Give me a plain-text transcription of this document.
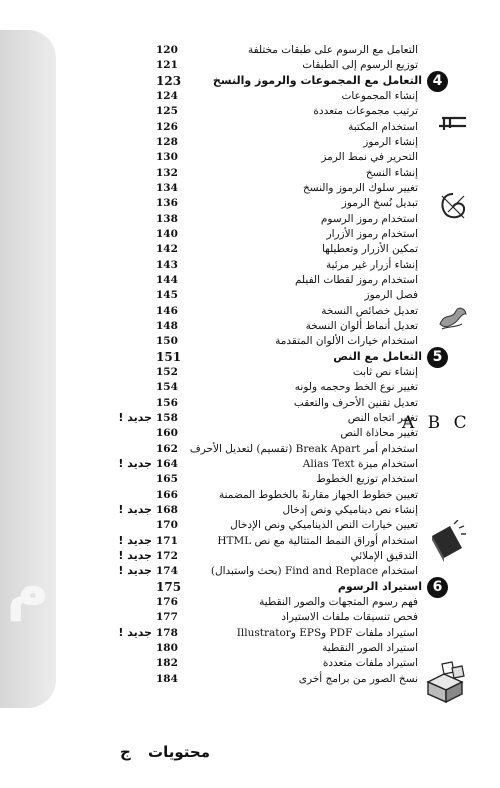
م
التعامل مع الرسوم على طبقات مختلفة
120
توزيع الرسوم إلى الطبقات
121
4
التعامل مع المجموعات والرموز والنسخ
123
إنشاء المجموعات
124
ترتيب مجموعات متعددة
125
استخدام المكتبة
126
إنشاء الرموز
128
التحرير في نمط الرمز
130
إنشاء النسخ
132
تغيير سلوك الرموز والنسخ
134
تبديل نُسخ الرموز
136
استخدام رموز الرسوم
138
استخدام رموز الأزرار
140
تمكين الأزرار وتعطيلها
142
إنشاء أزرار غير مرئية
143
استخدام رموز لقطات الفيلم
144
فصل الرموز
145
تعديل خصائص النسخة
146
تعديل أنماط ألوان النسخة
148
استخدام خيارات الألوان المتقدمة
150
5
التعامل مع النص
151
إنشاء نص ثابت
152
تغيير نوع الخط وحجمه ولونه
154
تعديل تقنين الأحرف والتعقب
156
تغيير اتجاه النص
158
جديد !
تغيير محاذاة النص
160
استخدام أمر Break Apart (تقسيم) لتعديل الأحرف
162
استخدام ميزة Alias Text
164
جديد !
استخدام توزيع الخطوط
165
تعيين خطوط الجهاز مقارنةً بالخطوط المضمنة
166
إنشاء نص ديناميكي ونص إدخال
168
جديد !
تعيين خيارات النص الديناميكي ونص الإدخال
170
استخدام أوراق النمط المتتالية مع نص HTML
171
جديد !
التدقيق الإملائي
172
جديد !
استخدام Find and Replace (بحث واستبدال)
174
جديد !
6
استيراد الرسوم
175
فهم رسوم المتجهات والصور النقطية
176
فحص تنسيقات ملفات الاستيراد
177
استيراد ملفات PDF وEPS وIllustrator
178
جديد !
استيراد الصور النقطية
180
استيراد ملفات متعددة
182
نسخ الصور من برامج أخرى
184
A B C
محتويات ج
